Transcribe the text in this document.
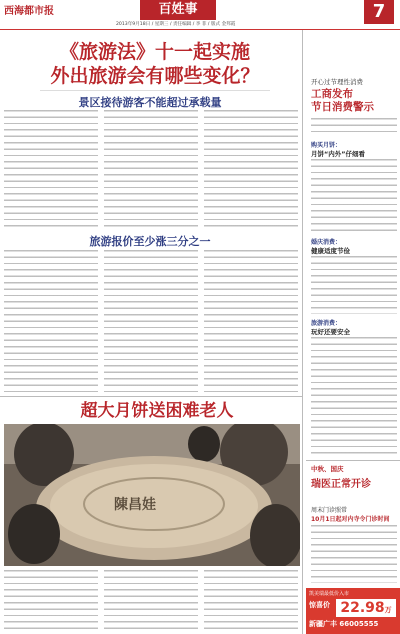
西海都市报	百姓事	7
2013年9月18日 / 星期三 / 责任编辑 / 李 菲 / 版式 金邦霞
《旅游法》十一起实施
外出旅游会有哪些变化？
景区接待游客不能超过承载量
旅游报价至少涨三分之一
开心过节理性消费
工商发布
节日消费警示
购买月饼：
月饼“内外”仔细看
婚庆消费：
健康适度节俭
旅游消费：
玩好还要安全
中秋、国庆
瑞医正常开诊
周末门诊照常
10月1日起对内寺令门诊时间
超大月饼送困难老人
陳昌娃
凯美瑞最低价入市
惊喜价 22.98万
新疆广丰 66005555
